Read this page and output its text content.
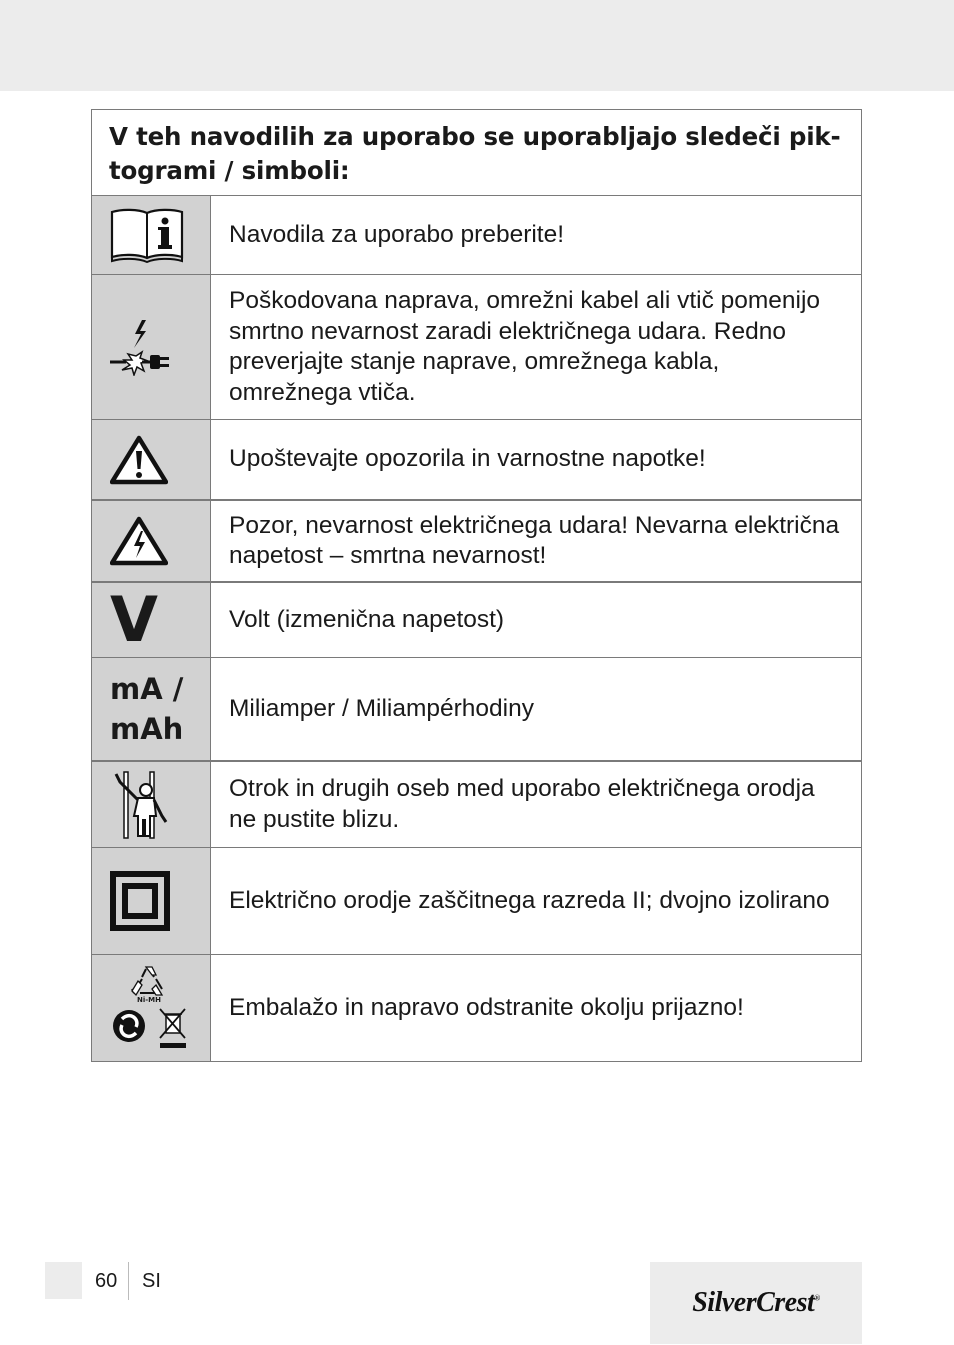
V teh navodilih za uporabo se uporabljajo sledeči pik-togrami / simboli:
Navodila za uporabo preberite!
Poškodovana naprava, omrežni kabel ali vtič pomenijo smrtno nevarnost zaradi električnega udara. Redno preverjajte stanje naprave, omrežnega kabla, omrežnega vtiča.
Upoštevajte opozorila in varnostne napotke!
Pozor, nevarnost električnega udara! Nevarna električna napetost – smrtna nevarnost!
V	Volt (izmenična napetost)
mA / mAh
Miliamper / Miliampérhodiny
Otrok in drugih oseb med uporabo električnega orodja ne pustite blizu.
Električno orodje zaščitnega razreda II; dvojno izolirano
Ni-MH	Embalažo in napravo odstranite okolju prijazno!
60 SI
SilverCrest®
